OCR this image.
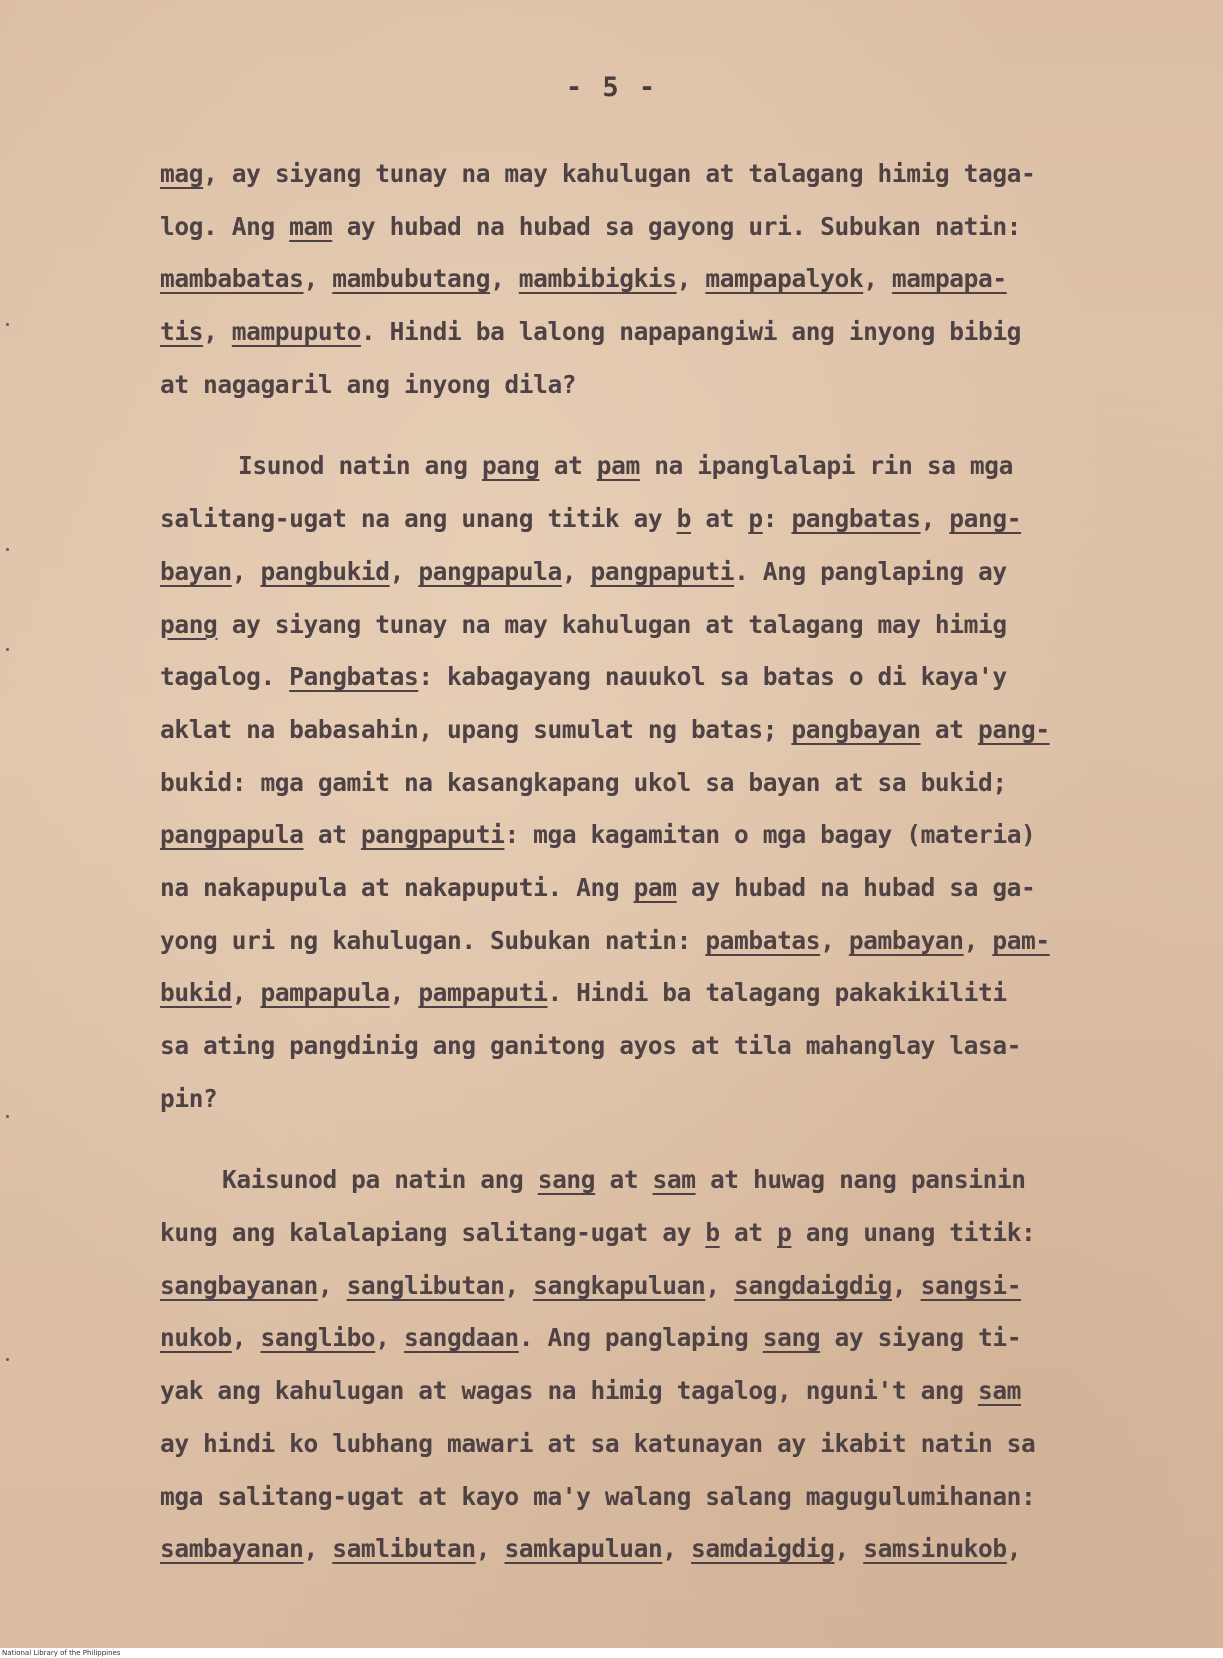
- 5 -
mag, ay siyang tunay na may kahulugan at talagang himig taga-
log. Ang mam ay hubad na hubad sa gayong uri. Subukan natin:
mambabatas, mambubutang, mambibigkis, mampapalyok, mampapa-
tis, mampuputo. Hindi ba lalong napapangiwi ang inyong bibig
at nagagaril ang inyong dila?
Isunod natin ang pang at pam na ipanglalapi rin sa mga
salitang-ugat na ang unang titik ay b at p: pangbatas, pang-
bayan, pangbukid, pangpapula, pangpaputi. Ang panglaping ay
pang ay siyang tunay na may kahulugan at talagang may himig
tagalog. Pangbatas: kabagayang nauukol sa batas o di kaya'y
aklat na babasahin, upang sumulat ng batas; pangbayan at pang-
bukid: mga gamit na kasangkapang ukol sa bayan at sa bukid;
pangpapula at pangpaputi: mga kagamitan o mga bagay (materia)
na nakapupula at nakapuputi. Ang pam ay hubad na hubad sa ga-
yong uri ng kahulugan. Subukan natin: pambatas, pambayan, pam-
bukid, pampapula, pampaputi. Hindi ba talagang pakakikiliti
sa ating pangdinig ang ganitong ayos at tila mahanglay lasa-
pin?
Kaisunod pa natin ang sang at sam at huwag nang pansinin
kung ang kalalapiang salitang-ugat ay b at p ang unang titik:
sangbayanan, sanglibutan, sangkapuluan, sangdaigdig, sangsi-
nukob, sanglibo, sangdaan. Ang panglaping sang ay siyang ti-
yak ang kahulugan at wagas na himig tagalog, nguni't ang sam
ay hindi ko lubhang mawari at sa katunayan ay ikabit natin sa
mga salitang-ugat at kayo ma'y walang salang magugulumihanan:
sambayanan, samlibutan, samkapuluan, samdaigdig, samsinukob,
National Library of the Philippines
